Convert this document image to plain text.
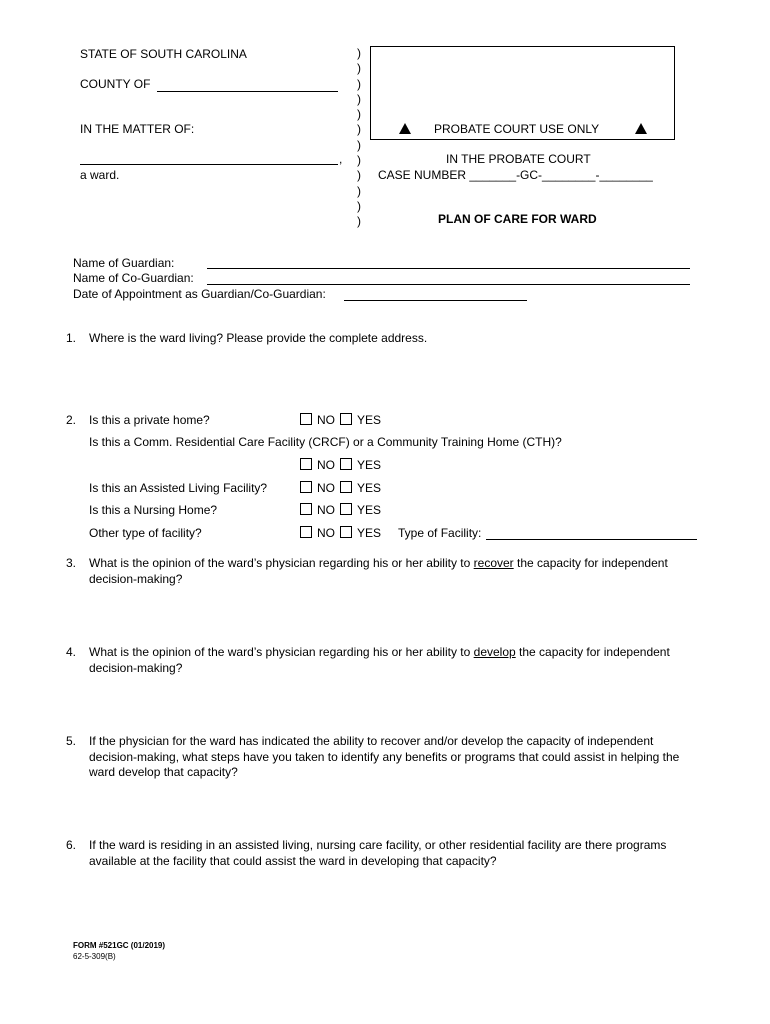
STATE OF SOUTH CAROLINA
COUNTY OF
IN THE MATTER OF:
,
a ward.
)
)
)
)
)
)
)
)
)
)
)
)
PROBATE COURT USE ONLY
IN THE PROBATE COURT
CASE NUMBER _______-GC-________-________
PLAN OF CARE FOR WARD
Name of Guardian:
Name of Co-Guardian:
Date of Appointment as Guardian/Co-Guardian:
1. Where is the ward living? Please provide the complete address.
2. Is this a private home?	NO YES
Is this a Comm. Residential Care Facility (CRCF) or a Community Training Home (CTH)?
NO YES
Is this an Assisted Living Facility?	NO YES
Is this a Nursing Home?	NO YES
Other type of facility?	NO YES Type of Facility:
3. What is the opinion of the ward’s physician regarding his or her ability to recover the capacity for independent decision-making?
4. What is the opinion of the ward’s physician regarding his or her ability to develop the capacity for independent decision-making?
5. If the physician for the ward has indicated the ability to recover and/or develop the capacity of independent decision-making, what steps have you taken to identify any benefits or programs that could assist in helping the ward develop that capacity?
6. If the ward is residing in an assisted living, nursing care facility, or other residential facility are there programs available at the facility that could assist the ward in developing that capacity?
FORM #521GC (01/2019)
62-5-309(B)
